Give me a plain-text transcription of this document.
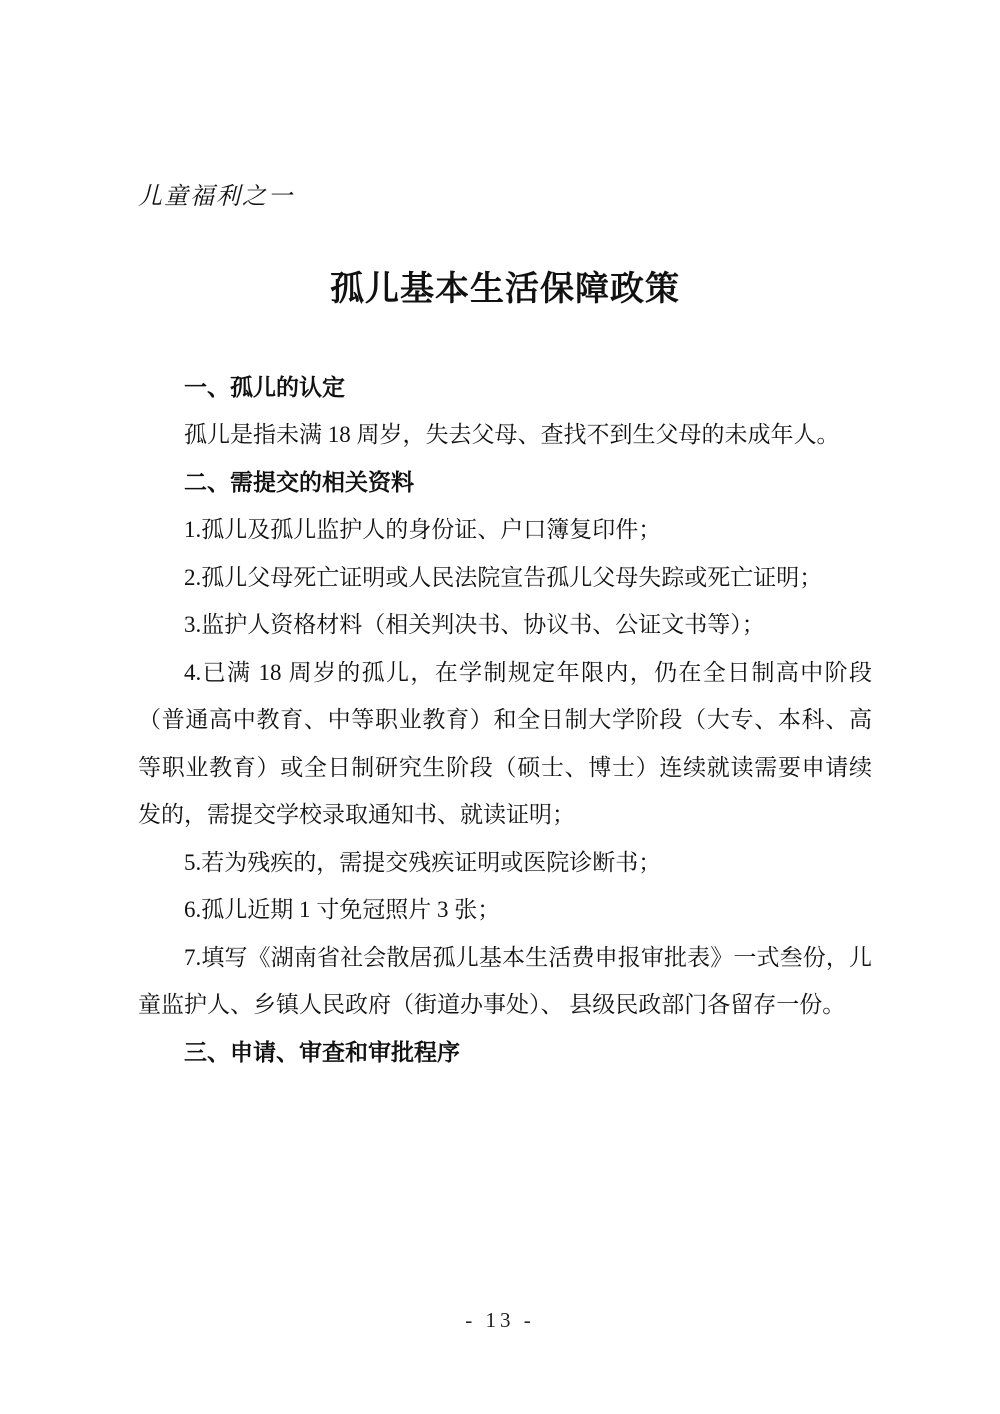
儿童福利之一
孤儿基本生活保障政策
一、孤儿的认定

孤儿是指未满 18 周岁，失去父母、查找不到生父母的未成年人。

二、需提交的相关资料

1.孤儿及孤儿监护人的身份证、户口簿复印件；

2.孤儿父母死亡证明或人民法院宣告孤儿父母失踪或死亡证明；

3.监护人资格材料（相关判决书、协议书、公证文书等）；

4.已满 18 周岁的孤儿，在学制规定年限内，仍在全日制高中阶段（普通高中教育、中等职业教育）和全日制大学阶段（大专、本科、高等职业教育）或全日制研究生阶段（硕士、博士）连续就读需要申请续发的，需提交学校录取通知书、就读证明；

5.若为残疾的，需提交残疾证明或医院诊断书；

6.孤儿近期 1 寸免冠照片 3 张；

7.填写《湖南省社会散居孤儿基本生活费申报审批表》一式叁份，儿童监护人、乡镇人民政府（街道办事处）、 县级民政部门各留存一份。

三、申请、审查和审批程序
- 13 -
